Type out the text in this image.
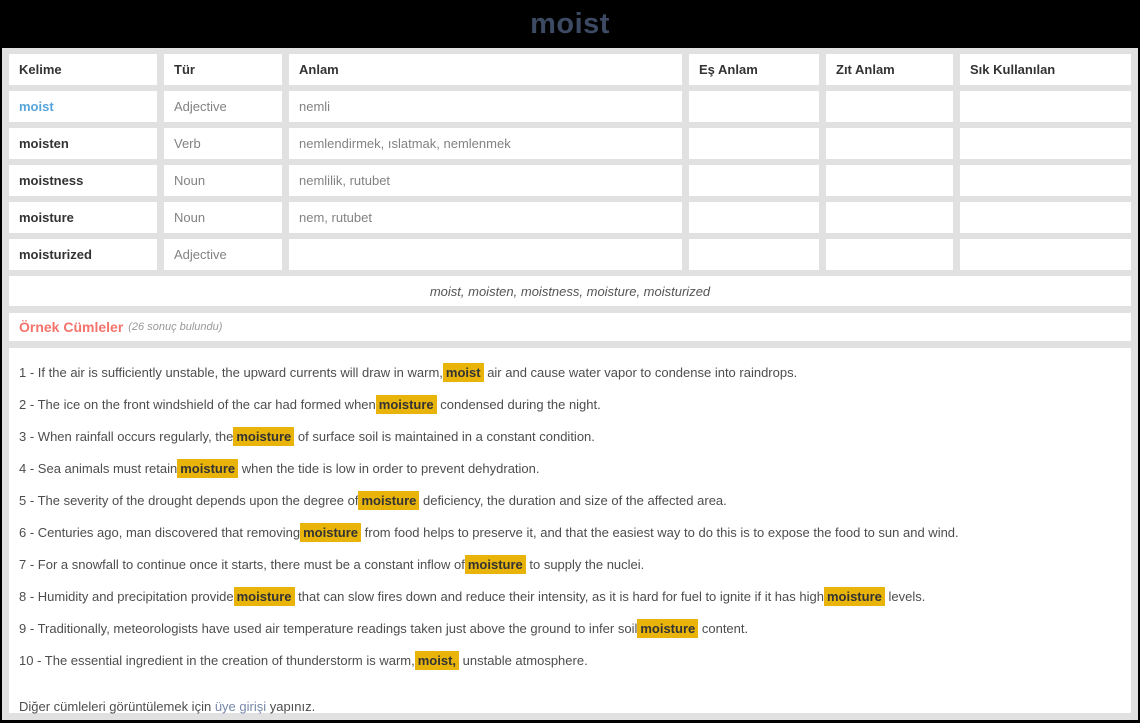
moist
Kelime	Tür	Anlam	Eş Anlam	Zıt Anlam	Sık Kullanılan
moist	Adjective	nemli			
moisten	Verb	nemlendirmek, ıslatmak, nemlenmek			
moistness	Noun	nemlilik, rutubet			
moisture	Noun	nem, rutubet			
moisturized	Adjective				
moist, moisten, moistness, moisture, moisturized
Örnek Cümleler (26 sonuç bulundu)
1 - If the air is sufficiently unstable, the upward currents will draw in warm, moist air and cause water vapor to condense into raindrops.
2 - The ice on the front windshield of the car had formed when moisture condensed during the night.
3 - When rainfall occurs regularly, the moisture of surface soil is maintained in a constant condition.
4 - Sea animals must retain moisture when the tide is low in order to prevent dehydration.
5 - The severity of the drought depends upon the degree of moisture deficiency, the duration and size of the affected area.
6 - Centuries ago, man discovered that removing moisture from food helps to preserve it, and that the easiest way to do this is to expose the food to sun and wind.
7 - For a snowfall to continue once it starts, there must be a constant inflow of moisture to supply the nuclei.
8 - Humidity and precipitation provide moisture that can slow fires down and reduce their intensity, as it is hard for fuel to ignite if it has high moisture levels.
9 - Traditionally, meteorologists have used air temperature readings taken just above the ground to infer soil moisture content.
10 - The essential ingredient in the creation of thunderstorm is warm, moist, unstable atmosphere.
Diğer cümleleri görüntülemek için üye girişi yapınız.
